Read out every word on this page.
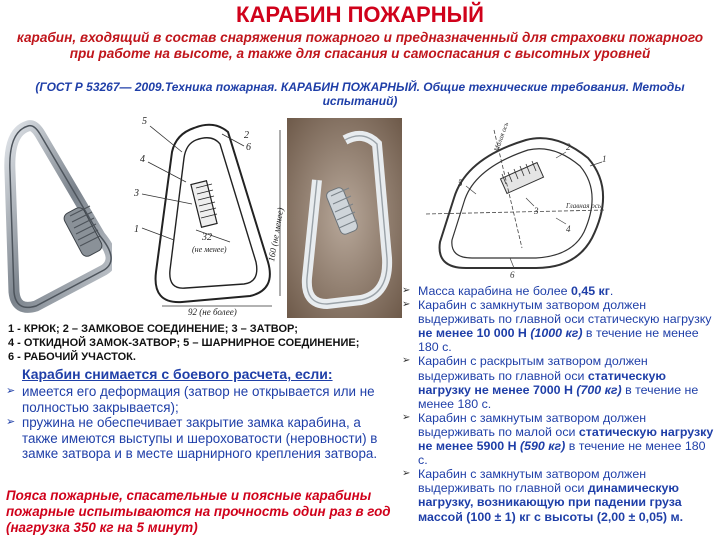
КАРАБИН ПОЖАРНЫЙ
карабин, входящий в состав снаряжения пожарного и предназначенный для страховки пожарного при работе на высоте, а также для спасания и самоспасания с высотных уровней
(ГОСТ Р 53267— 2009.Техника пожарная. КАРАБИН ПОЖАРНЫЙ. Общие технические требования. Методы испытаний)
5
4
3
1
6
2
32
(не менее)
92 (не более)
160 (не менее)
2
1
5
3
4
6
Малая ось
Главная ось
1 - КРЮК; 2 – ЗАМКОВОЕ СОЕДИНЕНИЕ; 3 – ЗАТВОР;
4 - ОТКИДНОЙ ЗАМОК-ЗАТВОР; 5 – ШАРНИРНОЕ СОЕДИНЕНИЕ;
6 - РАБОЧИЙ УЧАСТОК.
Карабин снимается с боевого расчета, если:
➢ имеется его деформация (затвор не открывается или не полностью закрывается);
➢ пружина не обеспечивает закрытие замка карабина, а также имеются выступы и шероховатости (неровности) в замке затвора и в месте шарнирного крепления затвора.
Пояса пожарные, спасательные и поясные карабины пожарные испытываются на прочность один раз в год (нагрузка 350 кг на 5 минут)
➢ Масса карабина не более 0,45 кг.
➢ Карабин с замкнутым затвором должен выдерживать по главной оси статическую нагрузку не менее 10 000 Н (1000 кг) в течение не менее 180 с.
➢ Карабин с раскрытым затвором должен выдерживать по главной оси статическую нагрузку не менее 7000 Н (700 кг) в течение не менее 180 с.
➢ Карабин с замкнутым затвором должен выдерживать по малой оси статическую нагрузку не менее 5900 Н (590 кг) в течение не менее 180 с.
➢ Карабин с замкнутым затвором должен выдерживать по главной оси динамическую нагрузку, возникающую при падении груза массой (100 ± 1) кг с высоты (2,00 ± 0,05) м.
